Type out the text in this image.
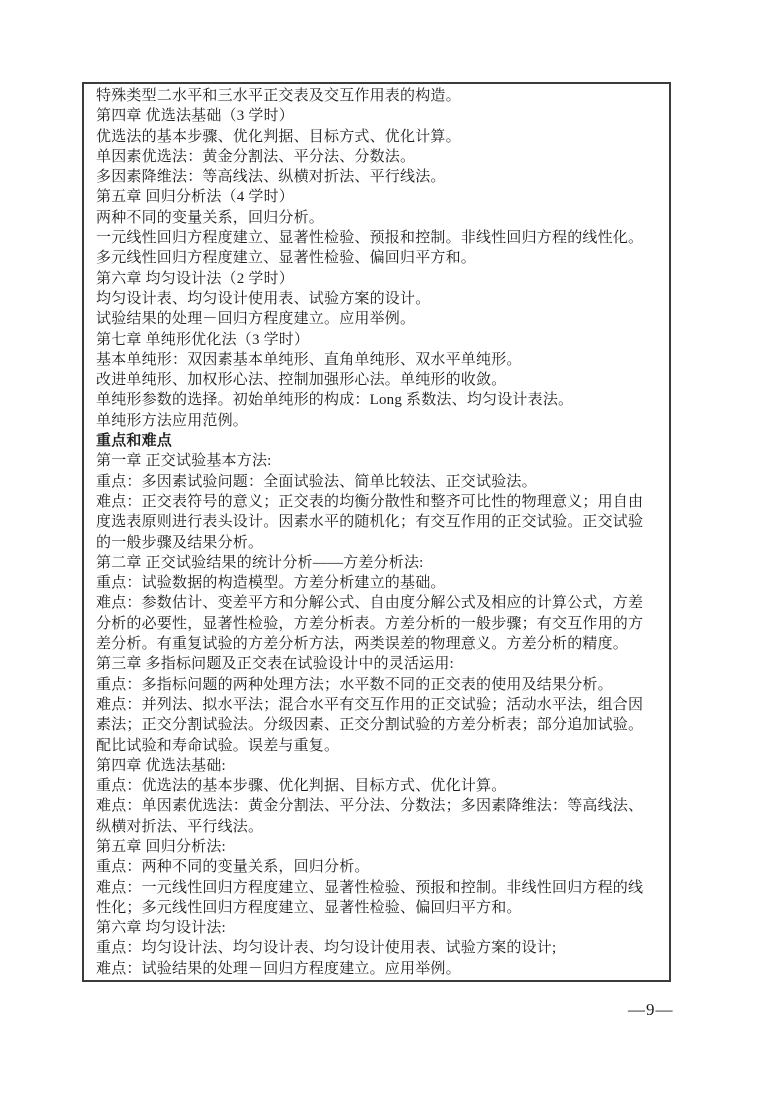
特殊类型二水平和三水平正交表及交互作用表的构造。
第四章 优选法基础（3 学时）
优选法的基本步骤、优化判据、目标方式、优化计算。
单因素优选法：黄金分割法、平分法、分数法。
多因素降维法：等高线法、纵横对折法、平行线法。
第五章 回归分析法（4 学时）
两种不同的变量关系，回归分析。
一元线性回归方程度建立、显著性检验、预报和控制。非线性回归方程的线性化。
多元线性回归方程度建立、显著性检验、偏回归平方和。
第六章 均匀设计法（2 学时）
均匀设计表、均匀设计使用表、试验方案的设计。
试验结果的处理－回归方程度建立。应用举例。
第七章 单纯形优化法（3 学时）
基本单纯形：双因素基本单纯形、直角单纯形、双水平单纯形。
改进单纯形、加权形心法、控制加强形心法。单纯形的收敛。
单纯形参数的选择。初始单纯形的构成：Long 系数法、均匀设计表法。
单纯形方法应用范例。
重点和难点
第一章 正交试验基本方法:
重点：多因素试验问题：全面试验法、简单比较法、正交试验法。
难点：正交表符号的意义；正交表的均衡分散性和整齐可比性的物理意义；用自由
度选表原则进行表头设计。因素水平的随机化；有交互作用的正交试验。正交试验
的一般步骤及结果分析。
第二章 正交试验结果的统计分析——方差分析法:
重点：试验数据的构造模型。方差分析建立的基础。
难点：参数估计、变差平方和分解公式、自由度分解公式及相应的计算公式，方差
分析的必要性，显著性检验，方差分析表。方差分析的一般步骤；有交互作用的方
差分析。有重复试验的方差分析方法，两类误差的物理意义。方差分析的精度。
第三章 多指标问题及正交表在试验设计中的灵活运用:
重点：多指标问题的两种处理方法；水平数不同的正交表的使用及结果分析。
难点：并列法、拟水平法；混合水平有交互作用的正交试验；活动水平法，组合因
素法；正交分割试验法。分级因素、正交分割试验的方差分析表；部分追加试验。
配比试验和寿命试验。误差与重复。
第四章 优选法基础:
重点：优选法的基本步骤、优化判据、目标方式、优化计算。
难点：单因素优选法：黄金分割法、平分法、分数法；多因素降维法：等高线法、
纵横对折法、平行线法。
第五章 回归分析法:
重点：两种不同的变量关系，回归分析。
难点：一元线性回归方程度建立、显著性检验、预报和控制。非线性回归方程的线
性化；多元线性回归方程度建立、显著性检验、偏回归平方和。
第六章 均匀设计法:
重点：均匀设计法、均匀设计表、均匀设计使用表、试验方案的设计;
难点：试验结果的处理－回归方程度建立。应用举例。
—9—
